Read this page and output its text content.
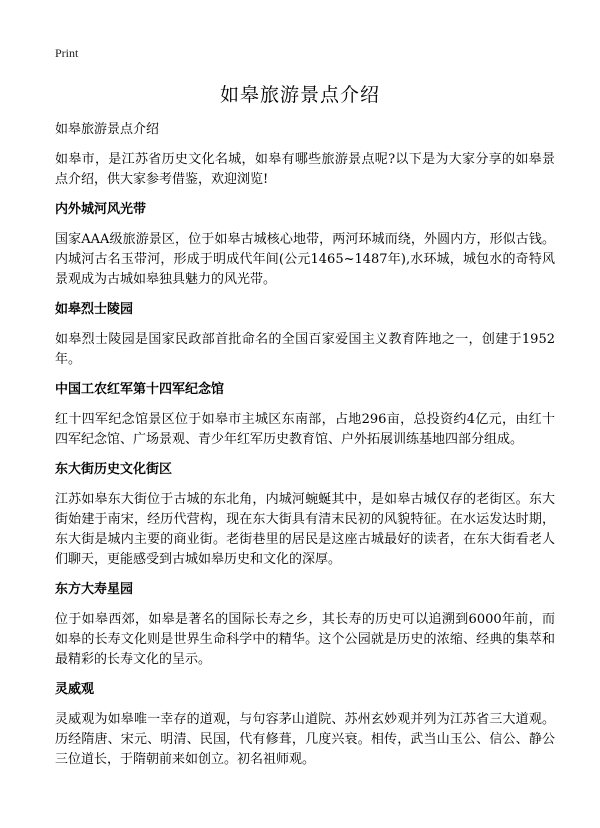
Print
如皋旅游景点介绍

如皋旅游景点介绍

如皋市，是江苏省历史文化名城，如皋有哪些旅游景点呢?以下是为大家分享的如皋景点介绍，供大家参考借鉴，欢迎浏览!

内外城河风光带

国家AAA级旅游景区，位于如皋古城核心地带，两河环城而绕，外圆内方，形似古钱。内城河古名玉带河，形成于明成代年间(公元1465~1487年),水环城，城包水的奇特风景观成为古城如皋独具魅力的风光带。

如皋烈士陵园

如皋烈士陵园是国家民政部首批命名的全国百家爱国主义教育阵地之一，创建于1952年。

中国工农红军第十四军纪念馆

红十四军纪念馆景区位于如皋市主城区东南部，占地296亩，总投资约4亿元，由红十四军纪念馆、广场景观、青少年红军历史教育馆、户外拓展训练基地四部分组成。

东大街历史文化街区

江苏如皋东大街位于古城的东北角，内城河蜿蜒其中，是如皋古城仅存的老街区。东大街始建于南宋，经历代营构，现在东大街具有清末民初的风貌特征。在水运发达时期，东大街是城内主要的商业街。老街巷里的居民是这座古城最好的读者，在东大街看老人们聊天，更能感受到古城如皋历史和文化的深厚。

东方大寿星园

位于如皋西郊，如皋是著名的国际长寿之乡，其长寿的历史可以追溯到6000年前，而如皋的长寿文化则是世界生命科学中的精华。这个公园就是历史的浓缩、经典的集萃和最精彩的长寿文化的呈示。

灵威观

灵威观为如皋唯一幸存的道观，与句容茅山道院、苏州玄妙观并列为江苏省三大道观。历经隋唐、宋元、明清、民国，代有修葺，几度兴衰。相传，武当山玉公、信公、静公三位道长，于隋朝前来如创立。初名祖师观。
